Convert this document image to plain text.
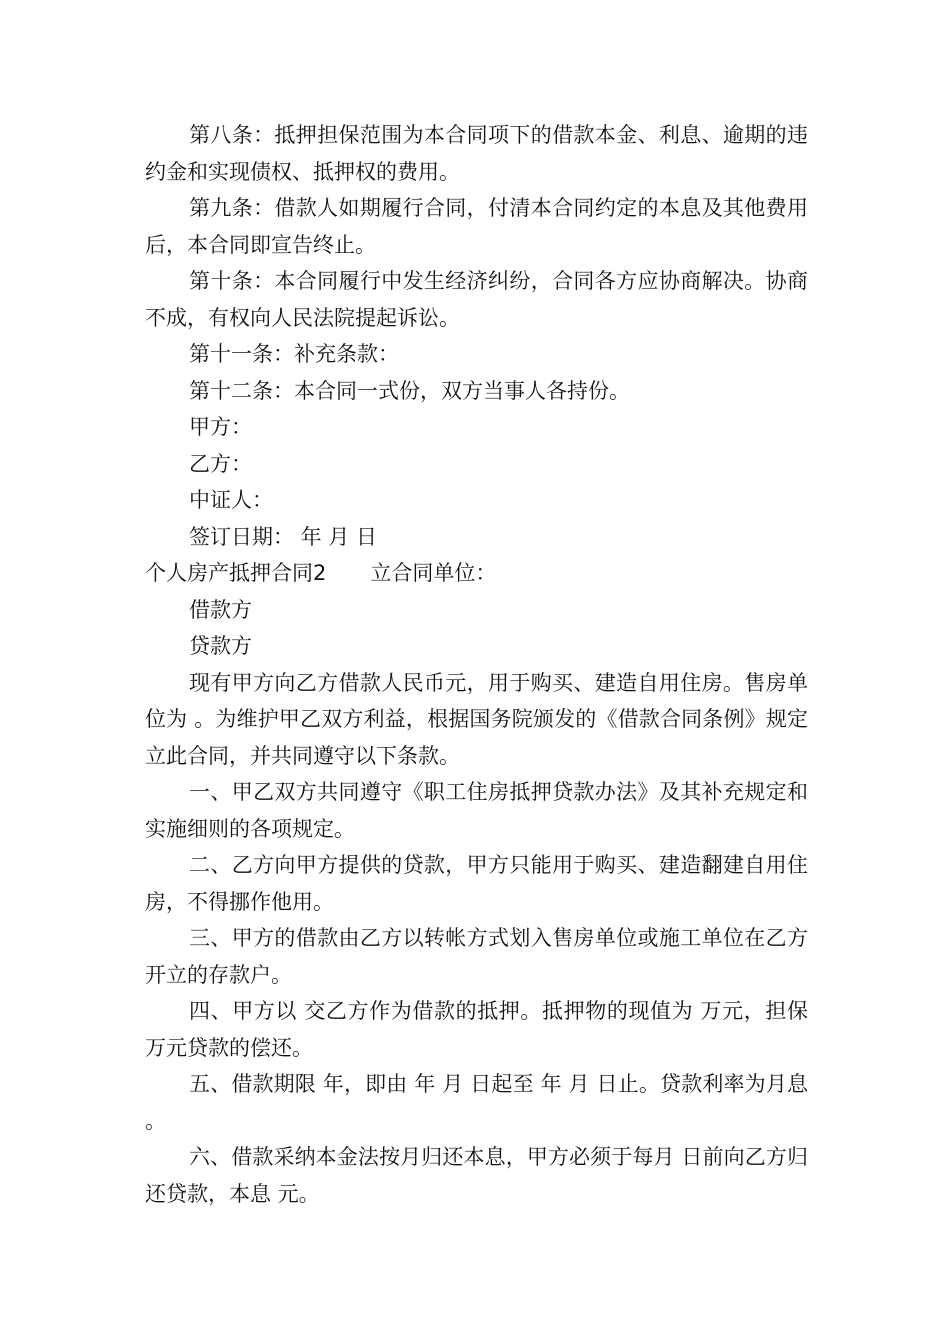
第八条：抵押担保范围为本合同项下的借款本金、利息、逾期的违约金和实现债权、抵押权的费用。

第九条：借款人如期履行合同，付清本合同约定的本息及其他费用后，本合同即宣告终止。

第十条：本合同履行中发生经济纠纷，合同各方应协商解决。协商不成，有权向人民法院提起诉讼。

第十一条：补充条款：

第十二条：本合同一式份，双方当事人各持份。

甲方：

乙方：

中证人：

签订日期： 年 月 日

个人房产抵押合同2 立合同单位：

借款方

贷款方

现有甲方向乙方借款人民币元，用于购买、建造自用住房。售房单位为 。为维护甲乙双方利益，根据国务院颁发的《借款合同条例》规定立此合同，并共同遵守以下条款。

一、甲乙双方共同遵守《职工住房抵押贷款办法》及其补充规定和实施细则的各项规定。

二、乙方向甲方提供的贷款，甲方只能用于购买、建造翻建自用住房，不得挪作他用。

三、甲方的借款由乙方以转帐方式划入售房单位或施工单位在乙方开立的存款户。

四、甲方以 交乙方作为借款的抵押。抵押物的现值为 万元，担保 万元贷款的偿还。

五、借款期限 年，即由 年 月 日起至 年 月 日止。贷款利率为月息 。

六、借款采纳本金法按月归还本息，甲方必须于每月 日前向乙方归还贷款，本息 元。
